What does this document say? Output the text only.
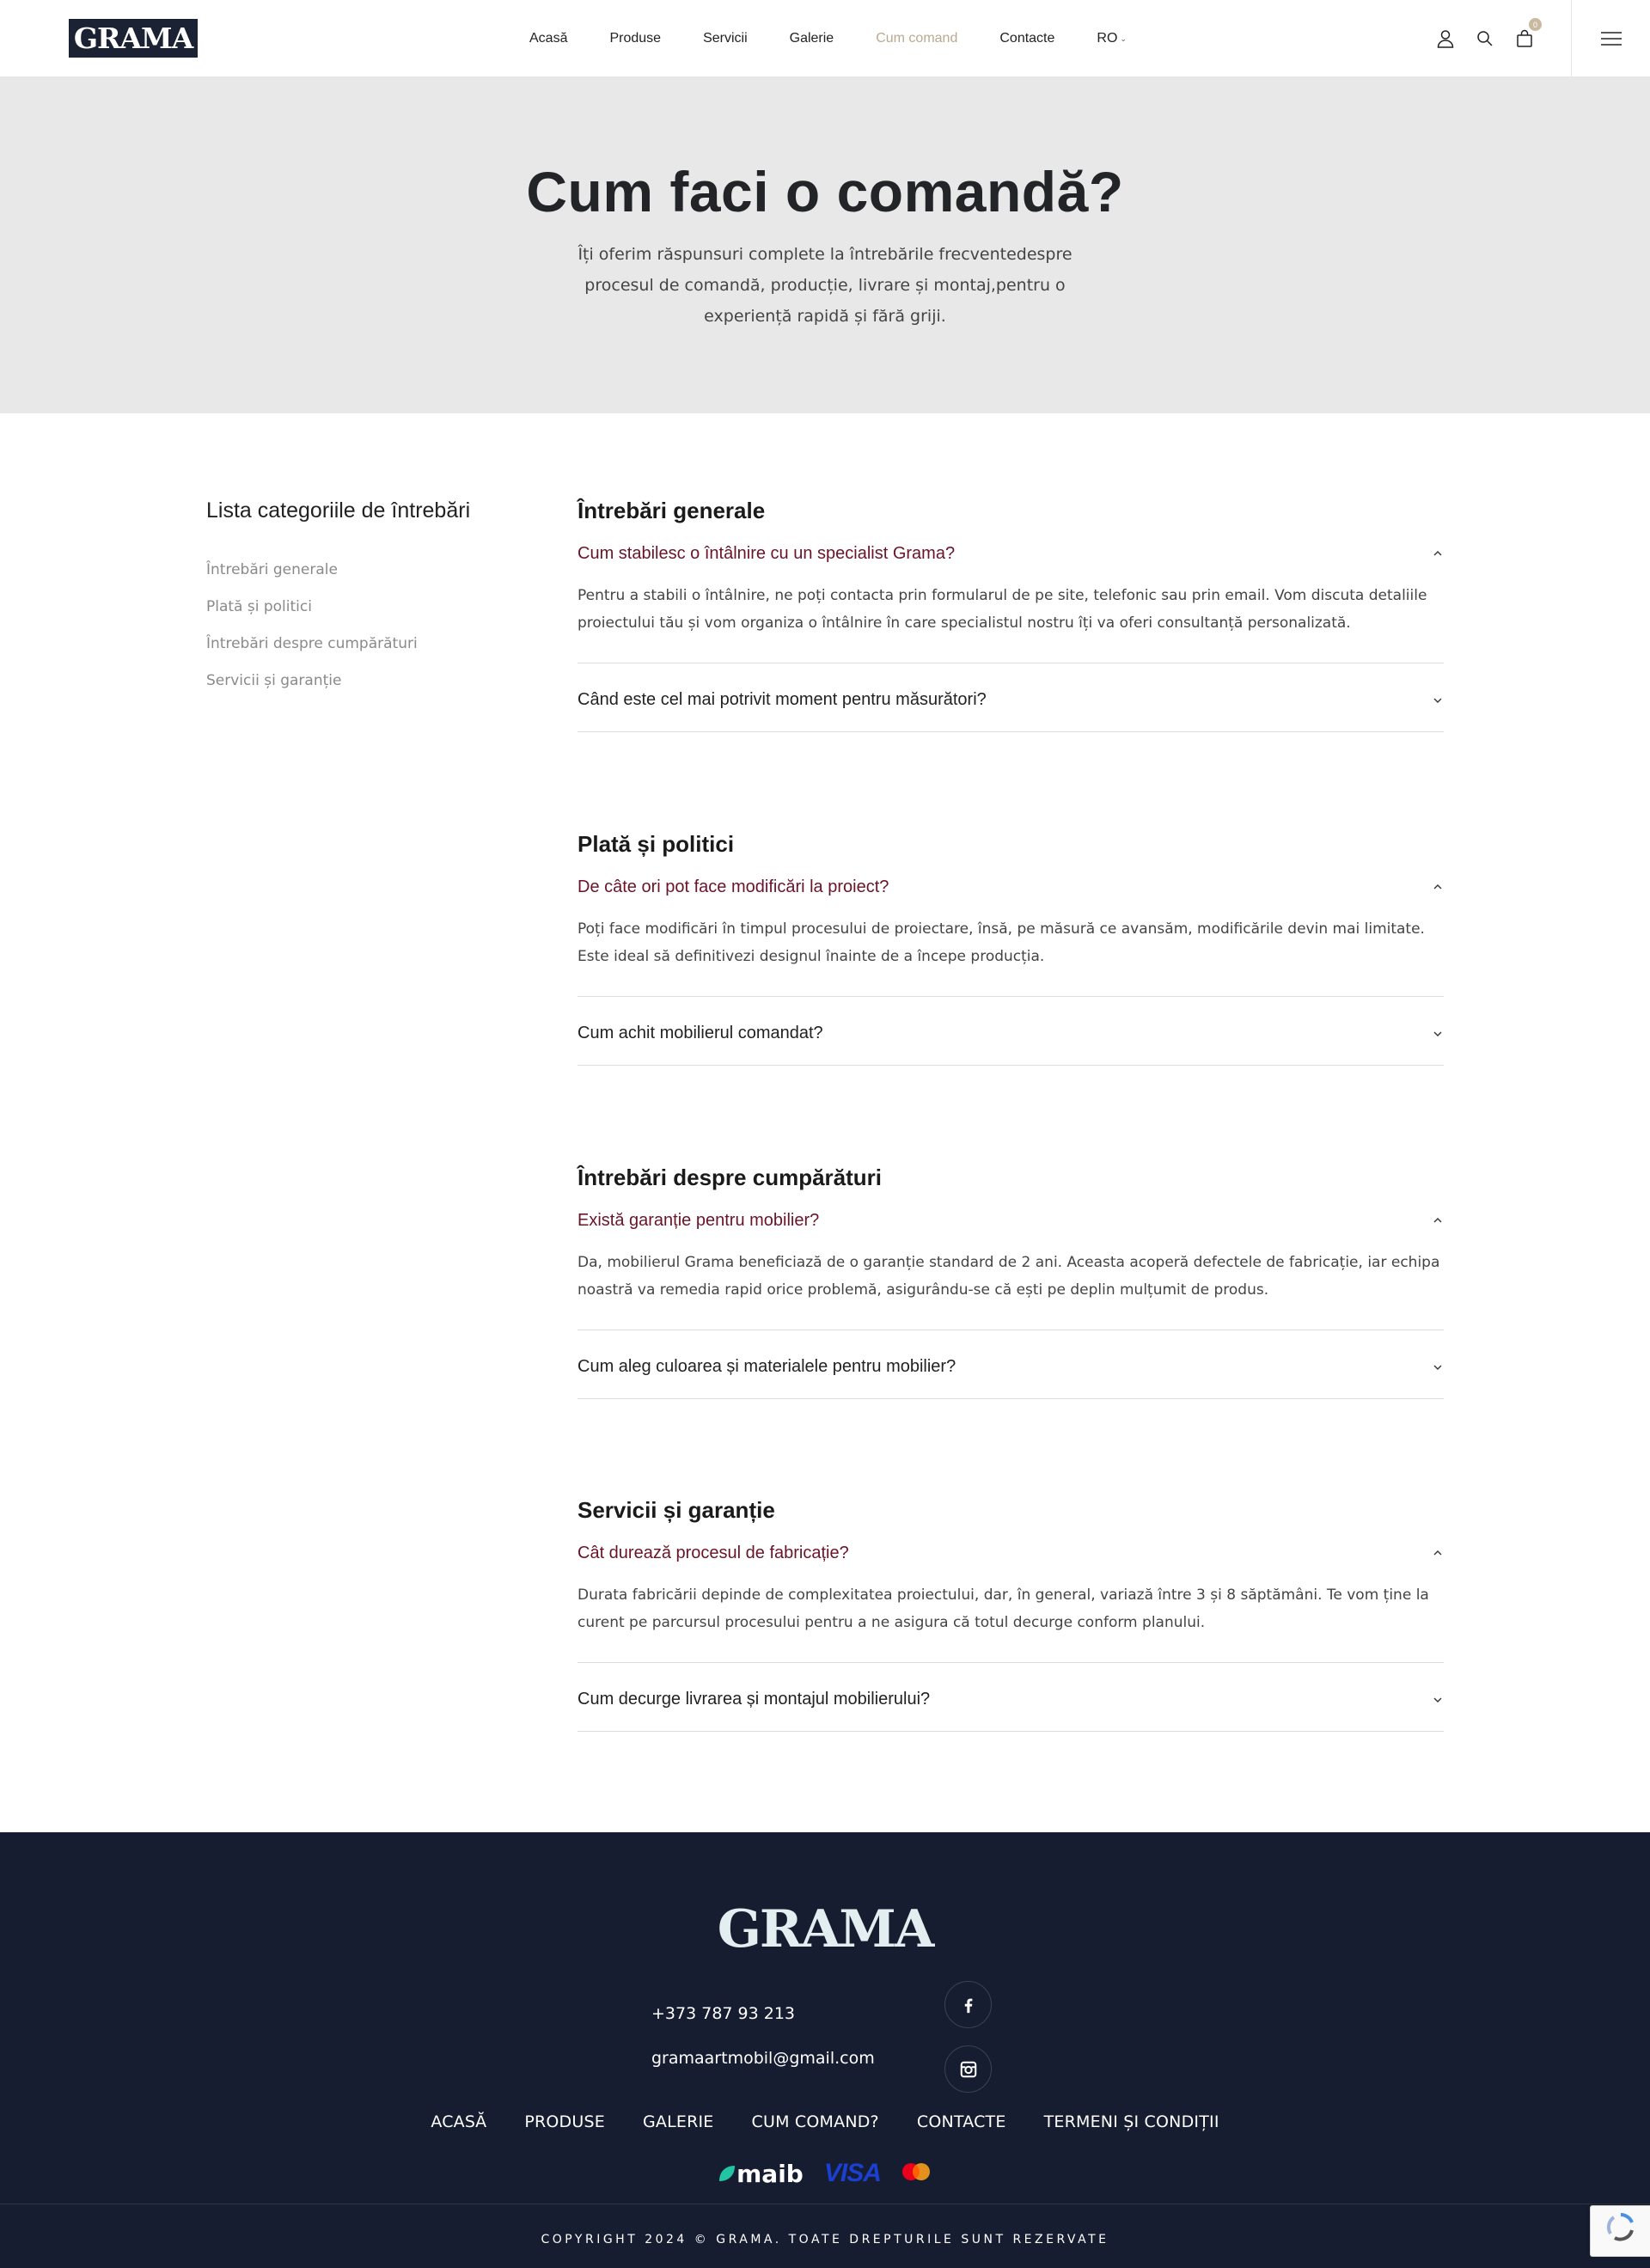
GRAMA	Acasă	Produse	Servicii	Galerie	Cum comand	Contacte	RO ⌄
0
Cum faci o comandă?

Îți oferim răspunsuri complete la întrebările frecventedespre procesul de comandă, producție, livrare și montaj,pentru o experiență rapidă și fără griji.

Lista categoriile de întrebări
Întrebări generale
Plată și politici
Întrebări despre cumpărături
Servicii și garanție
Întrebări generale
Cum stabilesc o întâlnire cu un specialist Grama?
Pentru a stabili o întâlnire, ne poți contacta prin formularul de pe site, telefonic sau prin email. Vom discuta detaliile proiectului tău și vom organiza o întâlnire în care specialistul nostru îți va oferi consultanță personalizată.
Când este cel mai potrivit moment pentru măsurători?
Plată și politici
De câte ori pot face modificări la proiect?
Poți face modificări în timpul procesului de proiectare, însă, pe măsură ce avansăm, modificările devin mai limitate. Este ideal să definitivezi designul înainte de a începe producția.
Cum achit mobilierul comandat?
Întrebări despre cumpărături
Există garanție pentru mobilier?
Da, mobilierul Grama beneficiază de o garanție standard de 2 ani. Aceasta acoperă defectele de fabricație, iar echipa noastră va remedia rapid orice problemă, asigurându-se că ești pe deplin mulțumit de produs.
Cum aleg culoarea și materialele pentru mobilier?
Servicii și garanție
Cât durează procesul de fabricație?
Durata fabricării depinde de complexitatea proiectului, dar, în general, variază între 3 și 8 săptămâni. Te vom ține la curent pe parcursul procesului pentru a ne asigura că totul decurge conform planului.
Cum decurge livrarea și montajul mobilierului?
GRAMA
+373 787 93 213
gramaartmobil@gmail.com
ACASĂ PRODUSE GALERIE CUM COMAND? CONTACTE TERMENI ȘI CONDIȚII
maib VISA
COPYRIGHT 2024 © GRAMA. TOATE DREPTURILE SUNT REZERVATE
